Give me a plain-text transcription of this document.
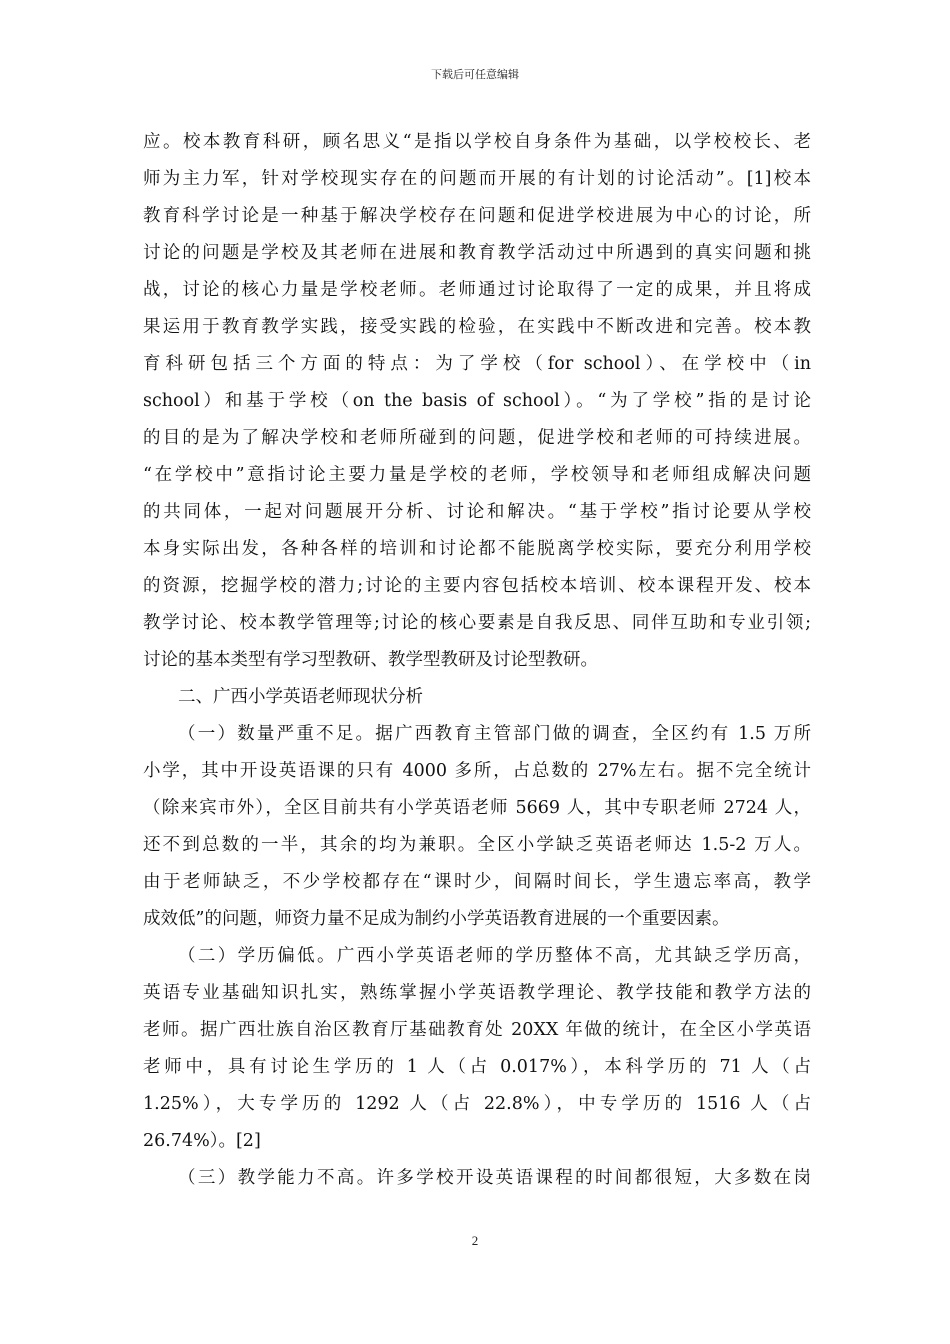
下载后可任意编辑
应。校本教育科研，顾名思义“是指以学校自身条件为基础，以学校校长、老
师为主力军，针对学校现实存在的问题而开展的有计划的讨论活动”。[1]校本
教育科学讨论是一种基于解决学校存在问题和促进学校进展为中心的讨论，所
讨论的问题是学校及其老师在进展和教育教学活动过中所遇到的真实问题和挑
战，讨论的核心力量是学校老师。老师通过讨论取得了一定的成果，并且将成
果运用于教育教学实践，接受实践的检验，在实践中不断改进和完善。校本教
育科研包括三个方面的特点：为了学校（for school）、在学校中（in
school）和基于学校（on the basis of school）。“为了学校”指的是讨论
的目的是为了解决学校和老师所碰到的问题，促进学校和老师的可持续进展。
“在学校中”意指讨论主要力量是学校的老师，学校领导和老师组成解决问题
的共同体，一起对问题展开分析、讨论和解决。“基于学校”指讨论要从学校
本身实际出发，各种各样的培训和讨论都不能脱离学校实际，要充分利用学校
的资源，挖掘学校的潜力;讨论的主要内容包括校本培训、校本课程开发、校本
教学讨论、校本教学管理等;讨论的核心要素是自我反思、同伴互助和专业引领;
讨论的基本类型有学习型教研、教学型教研及讨论型教研。
二、广西小学英语老师现状分析
（一）数量严重不足。据广西教育主管部门做的调查，全区约有 1.5 万所
小学，其中开设英语课的只有 4000 多所，占总数的 27%左右。据不完全统计
（除来宾市外），全区目前共有小学英语老师 5669 人，其中专职老师 2724 人，
还不到总数的一半，其余的均为兼职。全区小学缺乏英语老师达 1.5-2 万人。
由于老师缺乏，不少学校都存在“课时少，间隔时间长，学生遗忘率高，教学
成效低”的问题，师资力量不足成为制约小学英语教育进展的一个重要因素。
（二）学历偏低。广西小学英语老师的学历整体不高，尤其缺乏学历高，
英语专业基础知识扎实，熟练掌握小学英语教学理论、教学技能和教学方法的
老师。据广西壮族自治区教育厅基础教育处 20XX 年做的统计，在全区小学英语
老师中，具有讨论生学历的 1 人（占 0.017%），本科学历的 71 人（占
1.25%），大专学历的 1292 人（占 22.8%），中专学历的 1516 人（占
26.74%）。[2]
（三）教学能力不高。许多学校开设英语课程的时间都很短，大多数在岗
2
